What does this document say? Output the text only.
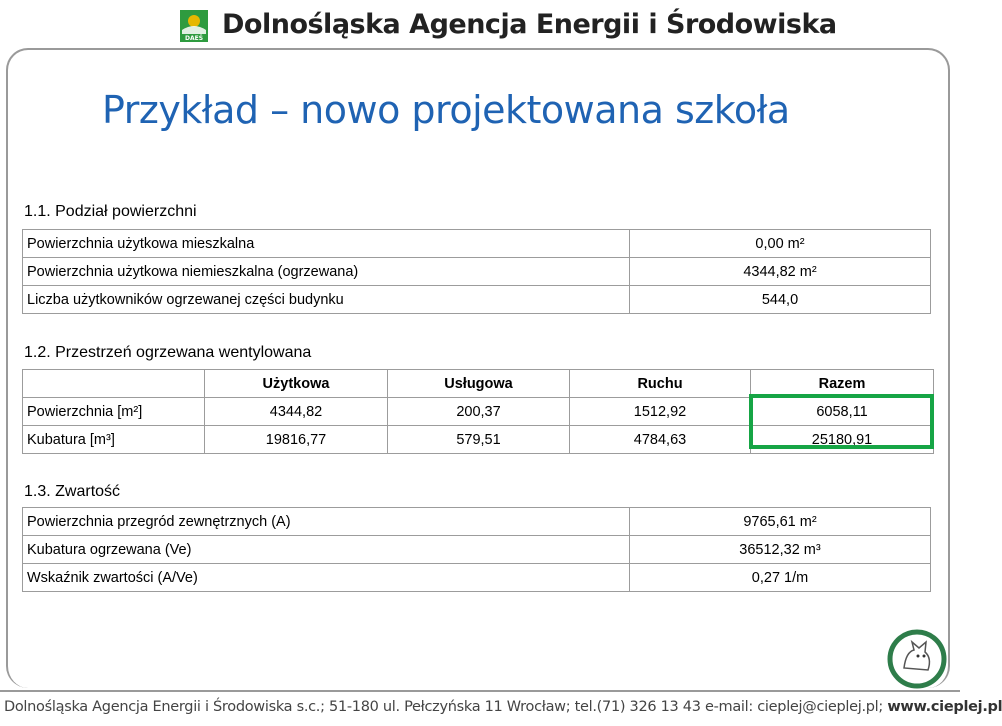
DAEŚ Dolnośląska Agencja Energii i Środowiska
Przykład – nowo projektowana szkoła
1.1. Podział powierzchni
Powierzchnia użytkowa mieszkalna	0,00 m²
Powierzchnia użytkowa niemieszkalna (ogrzewana)	4344,82 m²
Liczba użytkowników ogrzewanej części budynku	544,0
1.2. Przestrzeń ogrzewana wentylowana
	Użytkowa	Usługowa	Ruchu	Razem
Powierzchnia [m²]	4344,82	200,37	1512,92	6058,11
Kubatura [m³]	19816,77	579,51	4784,63	25180,91
1.3. Zwartość
Powierzchnia przegród zewnętrznych (A)	9765,61 m²
Kubatura ogrzewana (Ve)	36512,32 m³
Wskaźnik zwartości (A/Ve)	0,27 1/m
Dolnośląska Agencja Energii i Środowiska s.c.; 51-180 ul. Pełczyńska 11 Wrocław; tel.(71) 326 13 43 e-mail: cieplej@cieplej.pl; www.cieplej.pl
